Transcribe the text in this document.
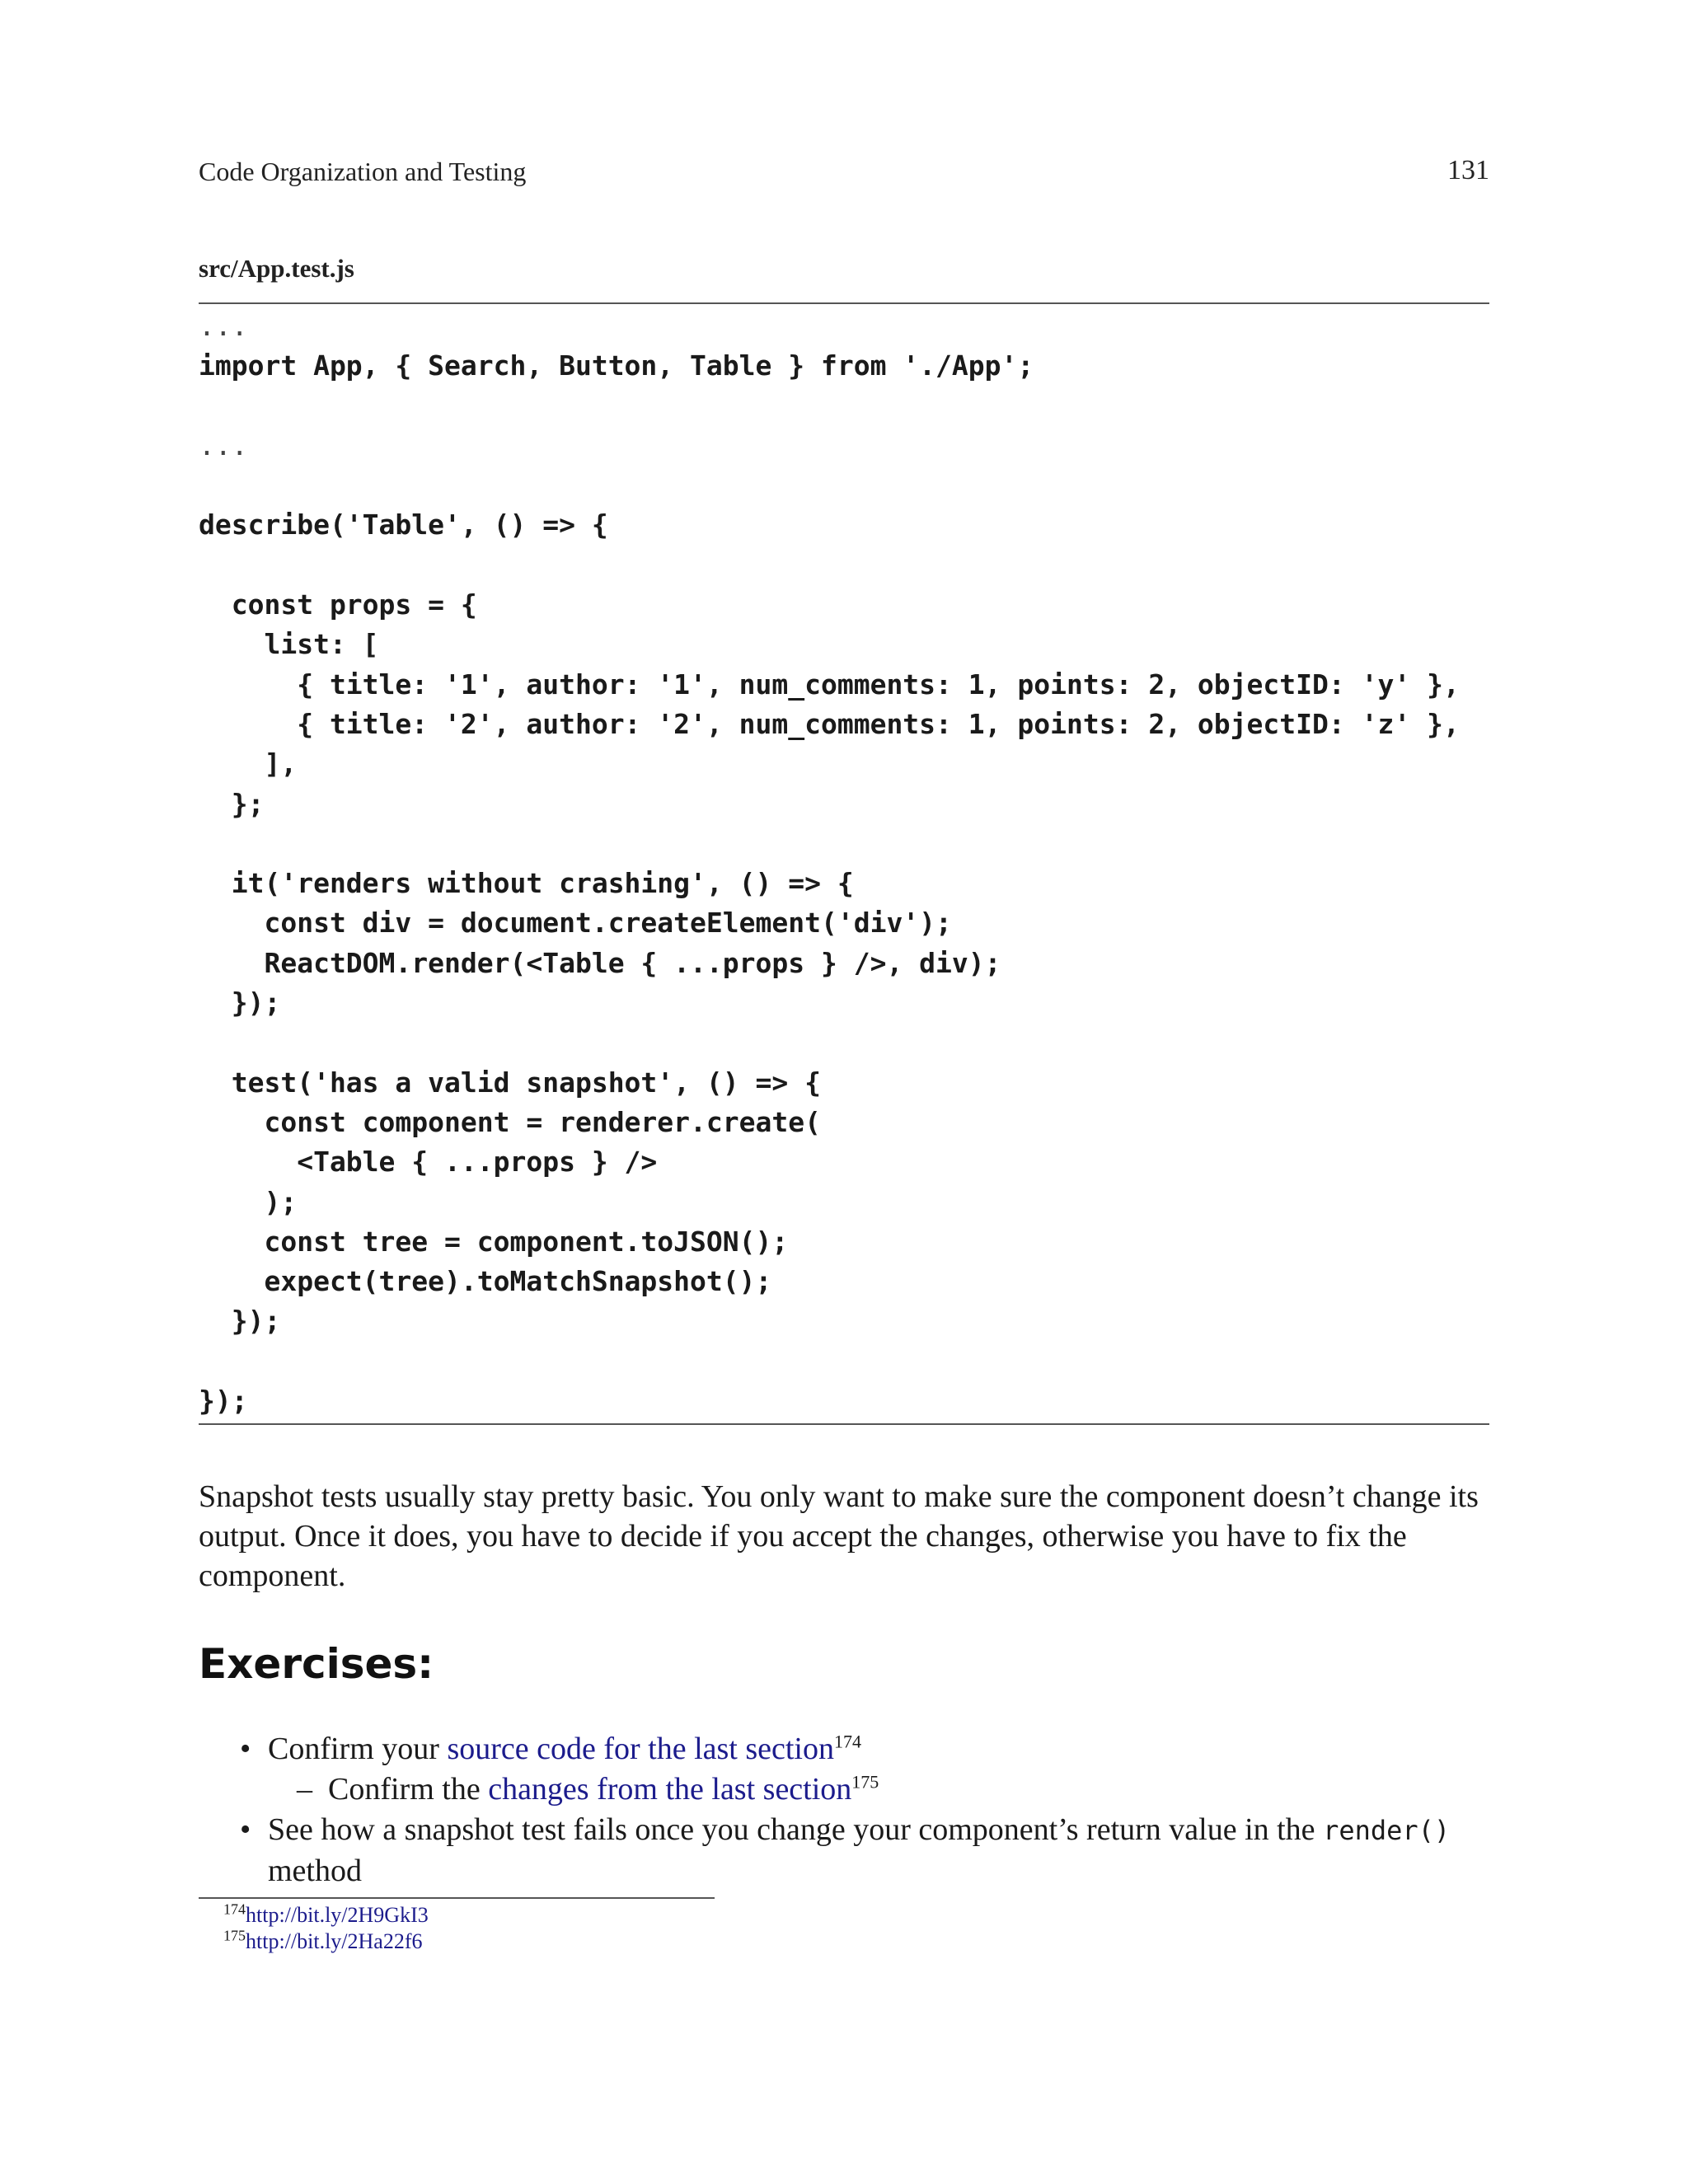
Code Organization and Testing	131
src/App.test.js
...
import App, { Search, Button, Table } from './App';
...
describe('Table', () => {
const props = {
list: [
{ title: '1', author: '1', num_comments: 1, points: 2, objectID: 'y' },
{ title: '2', author: '2', num_comments: 1, points: 2, objectID: 'z' },
],
};
it('renders without crashing', () => {
const div = document.createElement('div');
ReactDOM.render(<Table { ...props } />, div);
});
test('has a valid snapshot', () => {
const component = renderer.create(
<Table { ...props } />
);
const tree = component.toJSON();
expect(tree).toMatchSnapshot();
});
});

Snapshot tests usually stay pretty basic. You only want to make sure the component doesn’t change its output. Once it does, you have to decide if you accept the changes, otherwise you have to fix the component.

Exercises:
• Confirm your source code for the last section$^{174}$
– Confirm the changes from the last section$^{175}$
• See how a snapshot test fails once you change your component’s return value in the render() method
$^{174}$http://bit.ly/2H9GkI3
$^{175}$http://bit.ly/2Ha22f6
